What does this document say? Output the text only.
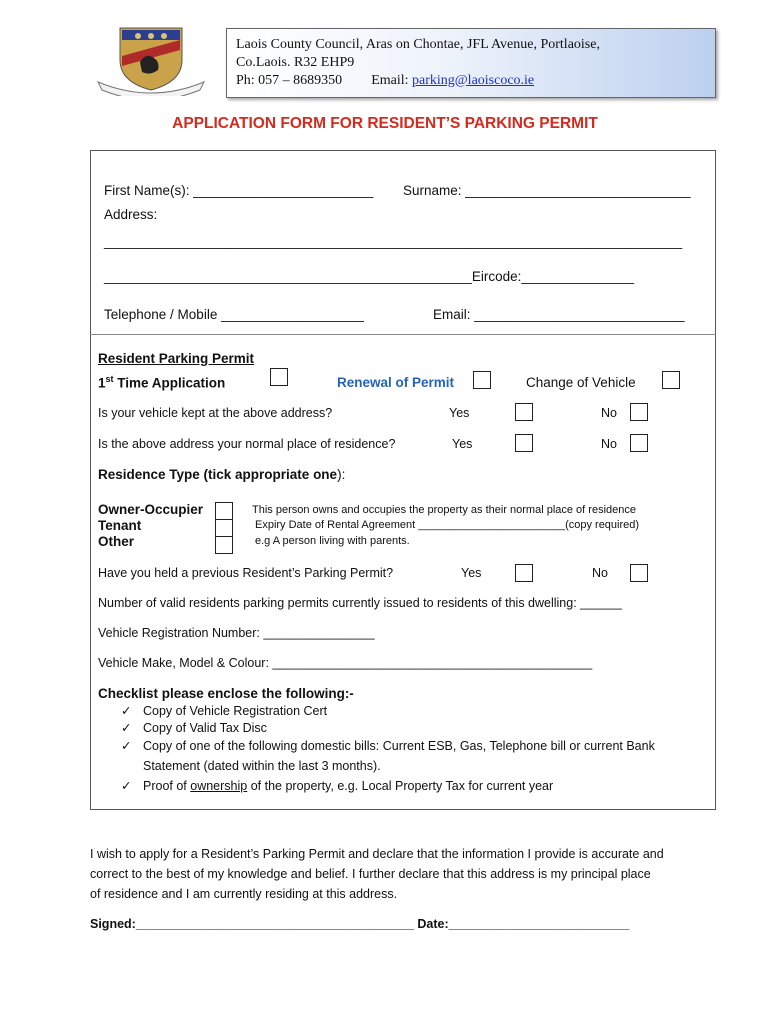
Laois County Council, Aras on Chontae, JFL Avenue, Portlaoise,
Co.Laois. R32 EHP9
Ph: 057 – 8689350 Email: parking@laoiscoco.ie
APPLICATION FORM FOR RESIDENT’S PARKING PERMIT
First Name(s): ________________________ Surname: ______________________________
Address:
_____________________________________________________________________________
_________________________________________________Eircode:_______________
Telephone / Mobile ___________________	Email: ____________________________
Resident Parking Permit
1st Time Application	Renewal of Permit	Change of Vehicle
Is your vehicle kept at the above address?	Yes	No
Is the above address your normal place of residence?	Yes	No
Residence Type (tick appropriate one):
Owner-Occupier
Tenant
Other
This person owns and occupies the property as their normal place of residence
Expiry Date of Rental Agreement ________________________(copy required)
e.g A person living with parents.
Have you held a previous Resident’s Parking Permit?	Yes	No
Number of valid residents parking permits currently issued to residents of this dwelling: ______
Vehicle Registration Number: ________________
Vehicle Make, Model & Colour: ______________________________________________
Checklist please enclose the following:-
✓ Copy of Vehicle Registration Cert
✓ Copy of Valid Tax Disc
✓ Copy of one of the following domestic bills: Current ESB, Gas, Telephone bill or current Bank
Statement (dated within the last 3 months).
✓ Proof of ownership of the property, e.g. Local Property Tax for current year
I wish to apply for a Resident’s Parking Permit and declare that the information I provide is accurate and
correct to the best of my knowledge and belief. I further declare that this address is my principal place
of residence and I am currently residing at this address.
Signed:________________________________________ Date:__________________________
